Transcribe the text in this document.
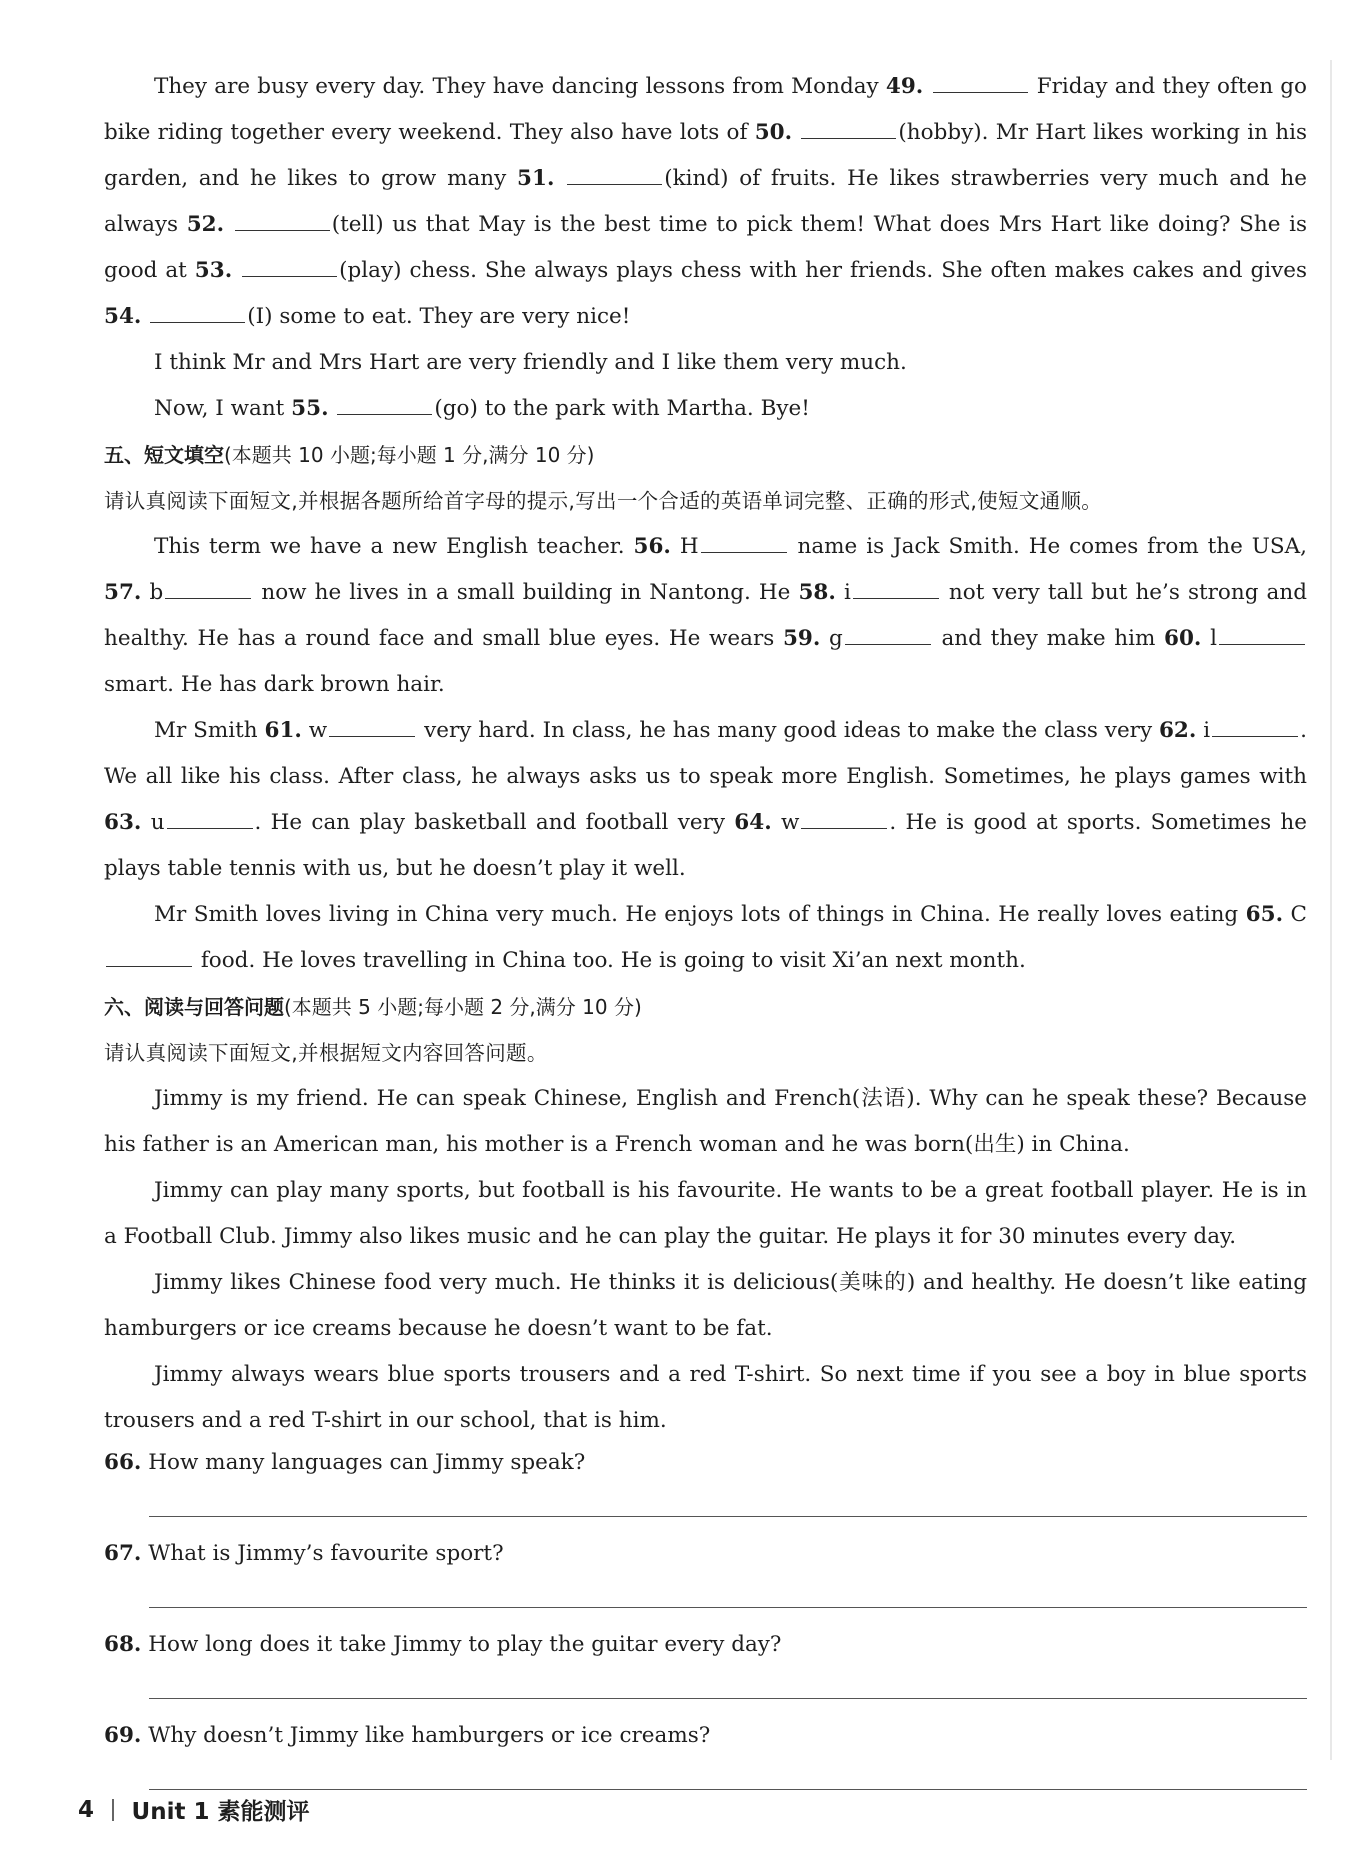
They are busy every day. They have dancing lessons from Monday 49.	Friday and they often go bike riding together every weekend. They also have lots of 50.	(hobby). Mr Hart likes working in his garden, and he likes to grow many 51.	(kind) of fruits. He likes strawberries very much and he always 52.	(tell) us that May is the best time to pick them! What does Mrs Hart like doing? She is good at 53.	(play) chess. She always plays chess with her friends. She often makes cakes and gives 54.	(I) some to eat. They are very nice!

I think Mr and Mrs Hart are very friendly and I like them very much.

Now, I want 55.	(go) to the park with Martha. Bye!

五、短文填空(本题共 10 小题;每小题 1 分,满分 10 分)

请认真阅读下面短文,并根据各题所给首字母的提示,写出一个合适的英语单词完整、正确的形式,使短文通顺。

This term we have a new English teacher. 56. H	name is Jack Smith. He comes from the USA, 57. b	now he lives in a small building in Nantong. He 58. i	not very tall but he’s strong and healthy. He has a round face and small blue eyes. He wears 59. g	and they make him 60. l smart. He has dark brown hair.

Mr Smith 61. w	very hard. In class, he has many good ideas to make the class very 62. i	. We all like his class. After class, he always asks us to speak more English. Sometimes, he plays games with 63. u	. He can play basketball and football very 64. w	. He is good at sports. Sometimes he plays table tennis with us, but he doesn’t play it well.

Mr Smith loves living in China very much. He enjoys lots of things in China. He really loves eating 65. C food. He loves travelling in China too. He is going to visit Xi’an next month.

六、阅读与回答问题(本题共 5 小题;每小题 2 分,满分 10 分)

请认真阅读下面短文,并根据短文内容回答问题。

Jimmy is my friend. He can speak Chinese, English and French(法语). Why can he speak these? Because his father is an American man, his mother is a French woman and he was born(出生) in China.

Jimmy can play many sports, but football is his favourite. He wants to be a great football player. He is in a Football Club. Jimmy also likes music and he can play the guitar. He plays it for 30 minutes every day.

Jimmy likes Chinese food very much. He thinks it is delicious(美味的) and healthy. He doesn’t like eating hamburgers or ice creams because he doesn’t want to be fat.

Jimmy always wears blue sports trousers and a red T-shirt. So next time if you see a boy in blue sports trousers and a red T-shirt in our school, that is him.

66. How many languages can Jimmy speak?

67. What is Jimmy’s favourite sport?

68. How long does it take Jimmy to play the guitar every day?

69. Why doesn’t Jimmy like hamburgers or ice creams?

4 Unit 1 素能测评
